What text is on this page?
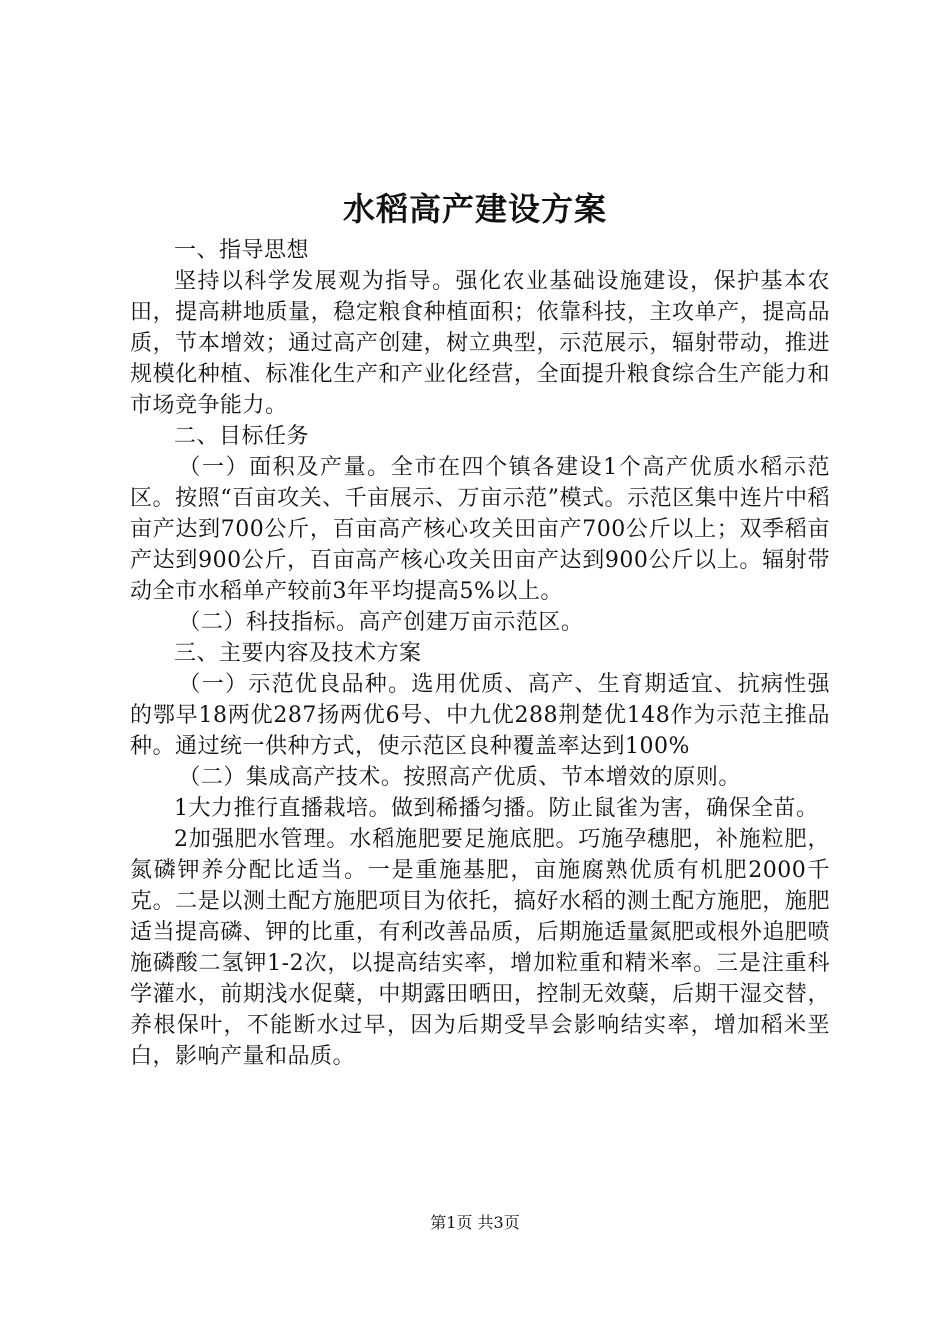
水稻高产建设方案

一、指导思想

坚持以科学发展观为指导。强化农业基础设施建设，保护基本农田，提高耕地质量，稳定粮食种植面积；依靠科技，主攻单产，提高品质，节本增效；通过高产创建，树立典型，示范展示，辐射带动，推进规模化种植、标准化生产和产业化经营，全面提升粮食综合生产能力和市场竞争能力。

二、目标任务

（一）面积及产量。全市在四个镇各建设1个高产优质水稻示范区。按照“百亩攻关、千亩展示、万亩示范”模式。示范区集中连片中稻亩产达到700公斤，百亩高产核心攻关田亩产700公斤以上；双季稻亩产达到900公斤，百亩高产核心攻关田亩产达到900公斤以上。辐射带动全市水稻单产较前3年平均提高5%以上。

（二）科技指标。高产创建万亩示范区。

三、主要内容及技术方案

（一）示范优良品种。选用优质、高产、生育期适宜、抗病性强的鄂早18两优287扬两优6号、中九优288荆楚优148作为示范主推品种。通过统一供种方式，使示范区良种覆盖率达到100%

（二）集成高产技术。按照高产优质、节本增效的原则。

1大力推行直播栽培。做到稀播匀播。防止鼠雀为害，确保全苗。

2加强肥水管理。水稻施肥要足施底肥。巧施孕穗肥，补施粒肥，氮磷钾养分配比适当。一是重施基肥，亩施腐熟优质有机肥2000千克。二是以测土配方施肥项目为依托，搞好水稻的测土配方施肥，施肥适当提高磷、钾的比重，有利改善品质，后期施适量氮肥或根外追肥喷施磷酸二氢钾1-2次，以提高结实率，增加粒重和精米率。三是注重科学灌水，前期浅水促蘖，中期露田晒田，控制无效蘖，后期干湿交替，养根保叶，不能断水过早，因为后期受旱会影响结实率，增加稻米垩白，影响产量和品质。

第1页 共3页
